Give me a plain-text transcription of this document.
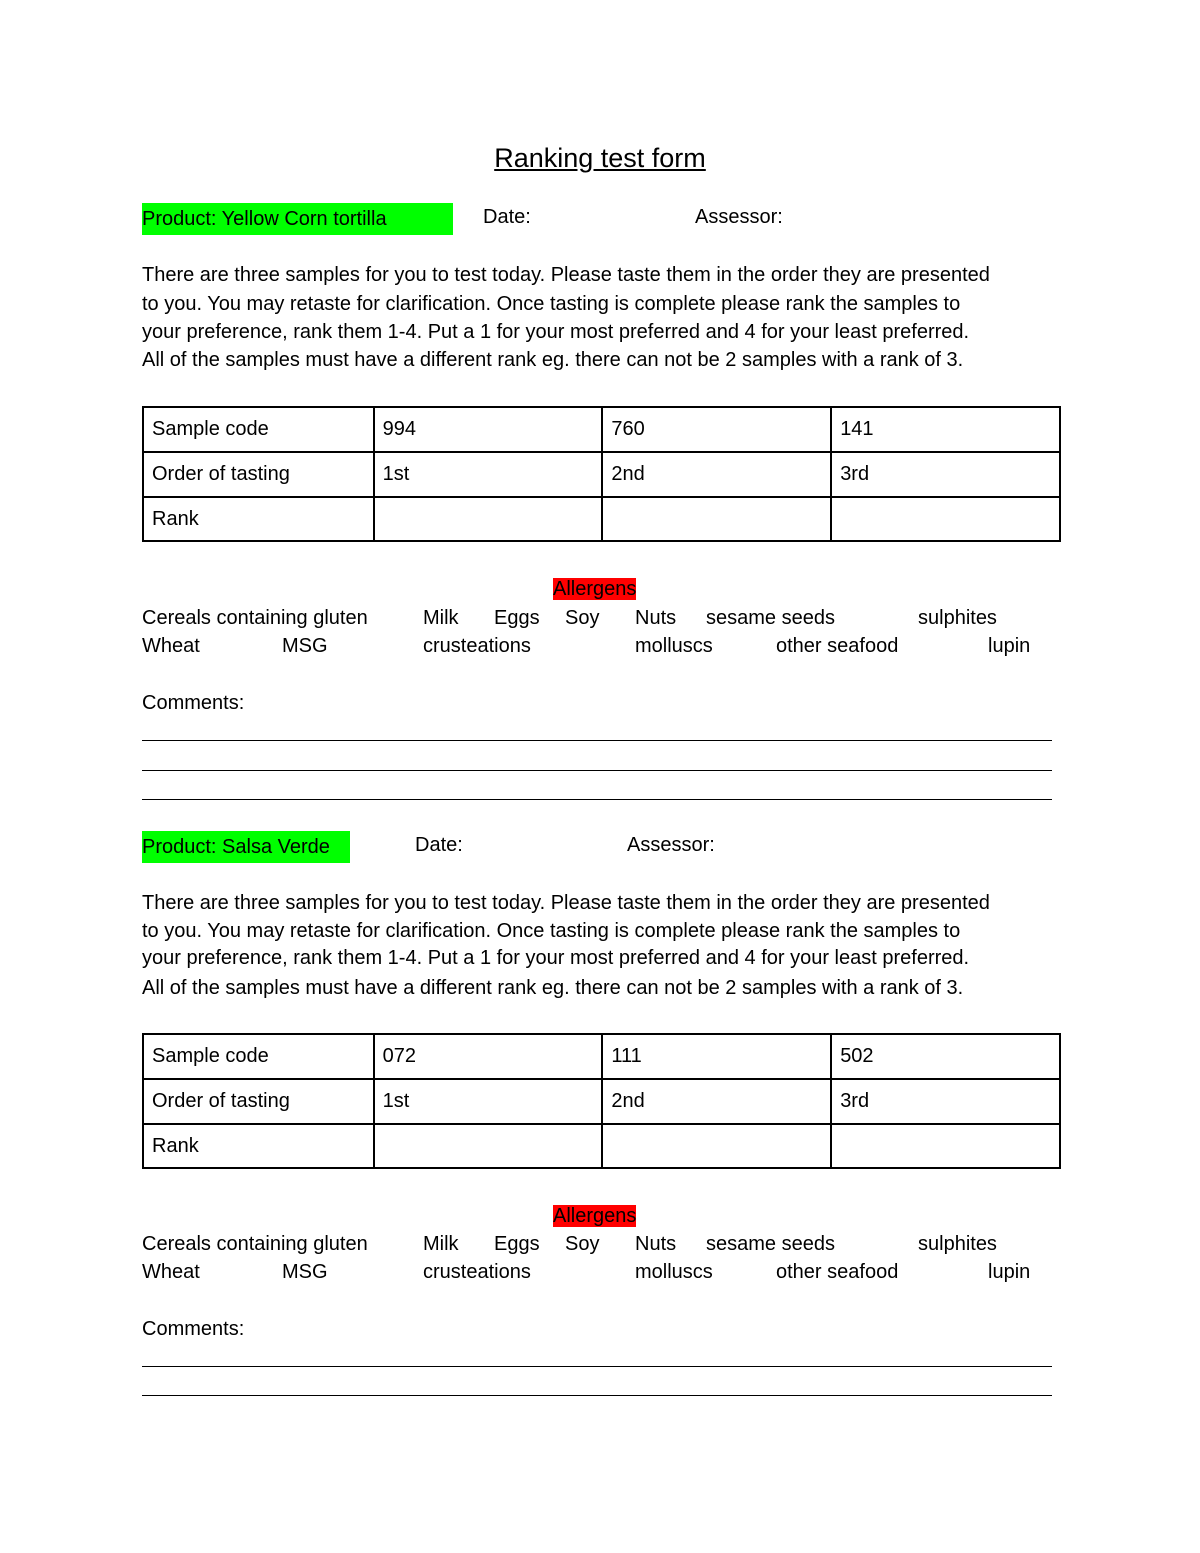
Ranking test form
Product: Yellow Corn tortilla	Date:	Assessor:
There are three samples for you to test today. Please taste them in the order they are presented
to you. You may retaste for clarification. Once tasting is complete please rank the samples to
your preference, rank them 1-4. Put a 1 for your most preferred and 4 for your least preferred.
All of the samples must have a different rank eg. there can not be 2 samples with a rank of 3.
Sample code	994	760	141
Order of tasting	1st	2nd	3rd
Rank			
Allergens
Cereals containing gluten	Milk Eggs Soy Nuts sesame seeds	sulphites
Wheat	MSG	crusteations	molluscs	other seafood	lupin
Comments:
Product: Salsa Verde	Date:	Assessor:
There are three samples for you to test today. Please taste them in the order they are presented
to you. You may retaste for clarification. Once tasting is complete please rank the samples to
your preference, rank them 1-4. Put a 1 for your most preferred and 4 for your least preferred.
All of the samples must have a different rank eg. there can not be 2 samples with a rank of 3.
Sample code	072	111	502
Order of tasting	1st	2nd	3rd
Rank			
Allergens
Cereals containing gluten	Milk Eggs Soy Nuts sesame seeds	sulphites
Wheat	MSG	crusteations	molluscs	other seafood	lupin
Comments:
